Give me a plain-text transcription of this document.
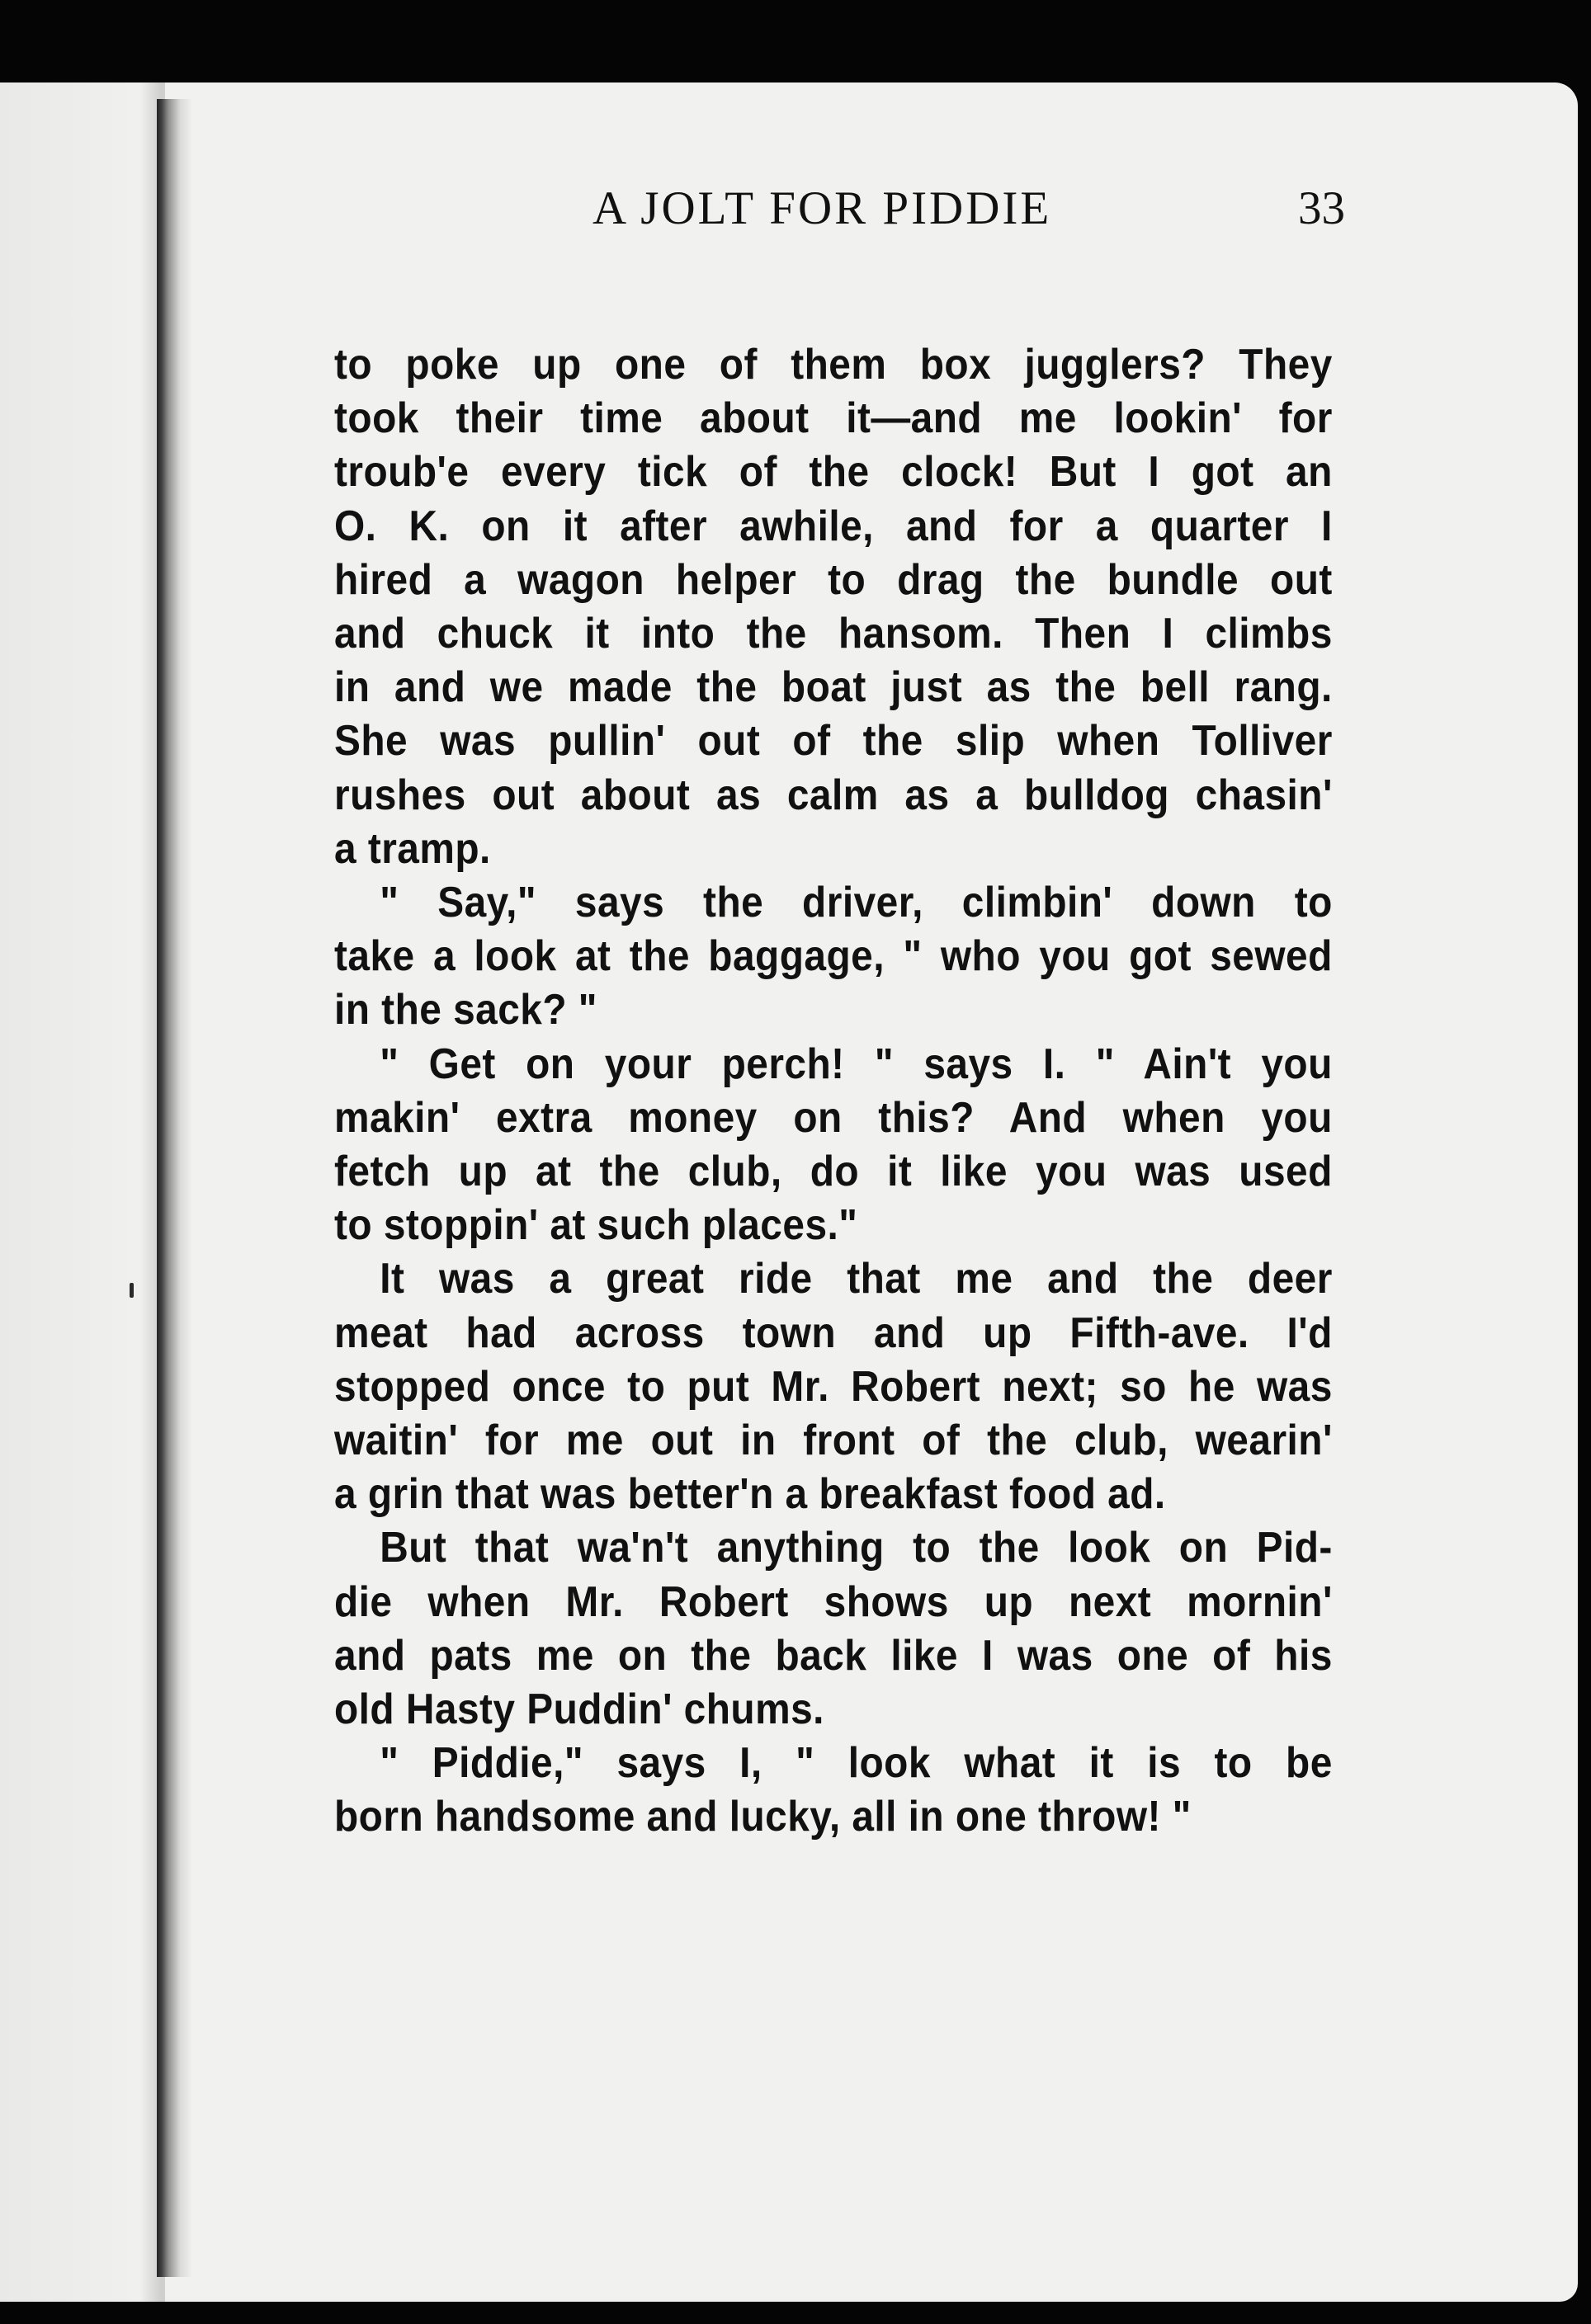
A JOLT FOR PIDDIE	33
to poke up one of them box jugglers? They
took their time about it—and me lookin' for
troub'e every tick of the clock! But I got an
O. K. on it after awhile, and for a quarter I
hired a wagon helper to drag the bundle out
and chuck it into the hansom. Then I climbs
in and we made the boat just as the bell rang.
She was pullin' out of the slip when Tolliver
rushes out about as calm as a bulldog chasin'
a tramp.
" Say," says the driver, climbin' down to
take a look at the baggage, " who you got sewed
in the sack? "
" Get on your perch! " says I. " Ain't you
makin' extra money on this? And when you
fetch up at the club, do it like you was used
to stoppin' at such places."
It was a great ride that me and the deer
meat had across town and up Fifth-ave. I'd
stopped once to put Mr. Robert next; so he was
waitin' for me out in front of the club, wearin'
a grin that was better'n a breakfast food ad.
But that wa'n't anything to the look on Pid-
die when Mr. Robert shows up next mornin'
and pats me on the back like I was one of his
old Hasty Puddin' chums.
" Piddie," says I, " look what it is to be
born handsome and lucky, all in one throw! "
